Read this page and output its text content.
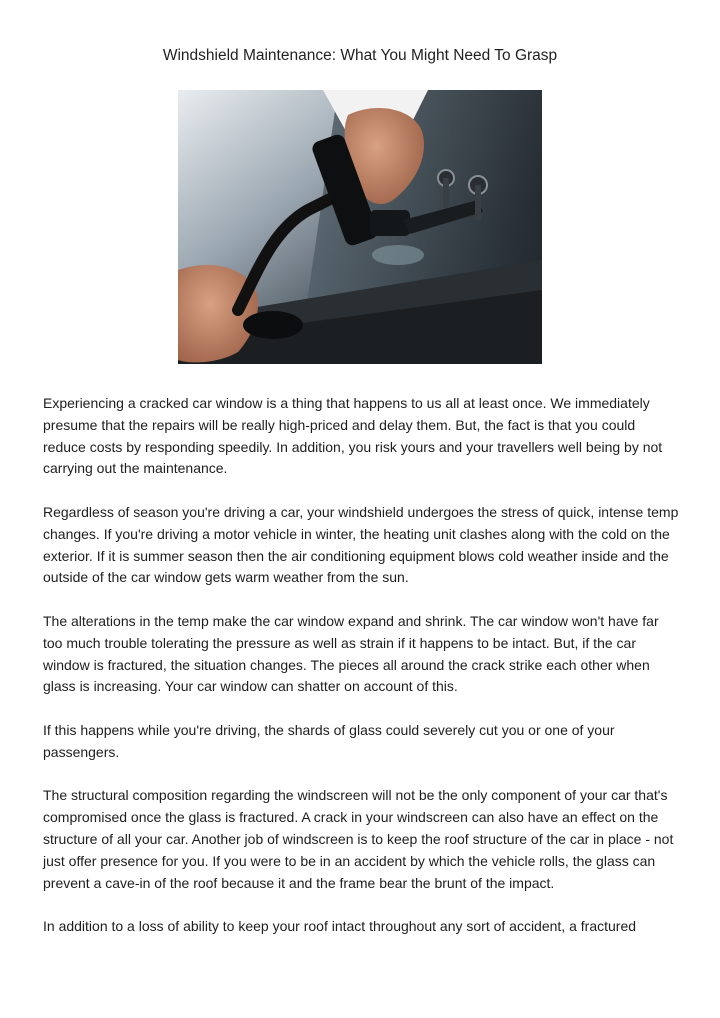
Windshield Maintenance: What You Might Need To Grasp

Experiencing a cracked car window is a thing that happens to us all at least once. We immediately presume that the repairs will be really high-priced and delay them. But, the fact is that you could reduce costs by responding speedily. In addition, you risk yours and your travellers well being by not carrying out the maintenance.

Regardless of season you're driving a car, your windshield undergoes the stress of quick, intense temp changes. If you're driving a motor vehicle in winter, the heating unit clashes along with the cold on the exterior. If it is summer season then the air conditioning equipment blows cold weather inside and the outside of the car window gets warm weather from the sun.

The alterations in the temp make the car window expand and shrink. The car window won't have far too much trouble tolerating the pressure as well as strain if it happens to be intact. But, if the car window is fractured, the situation changes. The pieces all around the crack strike each other when glass is increasing. Your car window can shatter on account of this.

If this happens while you're driving, the shards of glass could severely cut you or one of your passengers.

The structural composition regarding the windscreen will not be the only component of your car that's compromised once the glass is fractured. A crack in your windscreen can also have an effect on the structure of all your car. Another job of windscreen is to keep the roof structure of the car in place - not just offer presence for you. If you were to be in an accident by which the vehicle rolls, the glass can prevent a cave-in of the roof because it and the frame bear the brunt of the impact.

In addition to a loss of ability to keep your roof intact throughout any sort of accident, a fractured
